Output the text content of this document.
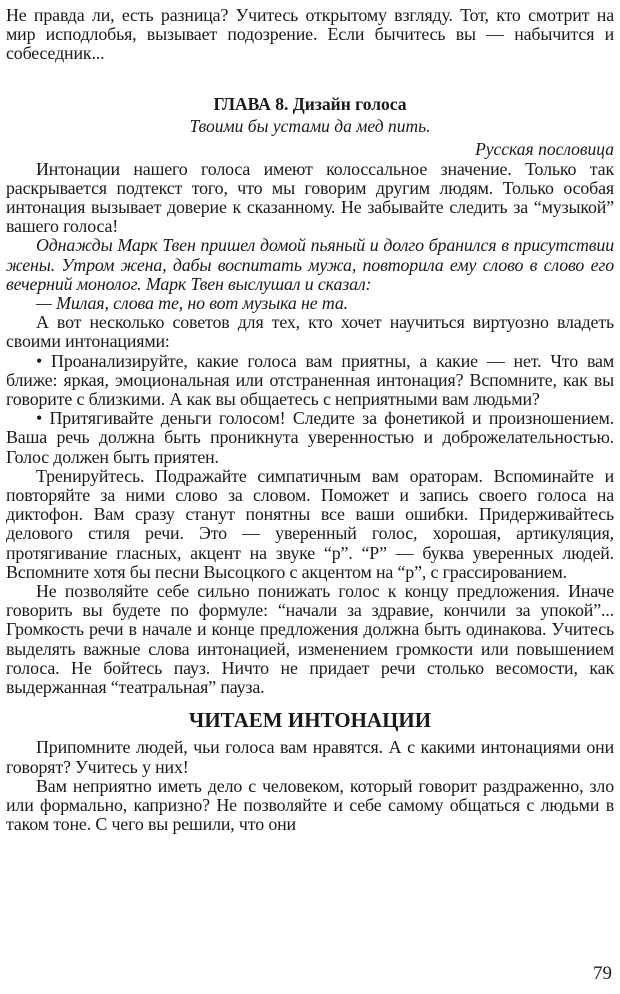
Не правда ли, есть разница? Учитесь открытому взгляду. Тот, кто смотрит на мир исподлобья, вызывает подозрение. Если бычитесь вы — набычится и собеседник...

ГЛАВА 8. Дизайн голоса
Твоими бы устами да мед пить.
Русская пословица

Интонации нашего голоса имеют колоссальное значение. Только так раскрывается подтекст того, что мы говорим другим людям. Только особая интонация вызывает доверие к сказанному. Не забывайте следить за “музыкой” вашего голоса!

Однажды Марк Твен пришел домой пьяный и долго бранился в присутствии жены. Утром жена, дабы воспитать мужа, повторила ему слово в слово его вечерний монолог. Марк Твен выслушал и сказал:

— Милая, слова те, но вот музыка не та.

А вот несколько советов для тех, кто хочет научиться виртуозно владеть своими интонациями:

• Проанализируйте, какие голоса вам приятны, а какие — нет. Что вам ближе: яркая, эмоциональная или отстраненная интонация? Вспомните, как вы говорите с близкими. А как вы общаетесь с неприятными вам людьми?

• Притягивайте деньги голосом! Следите за фонетикой и произношением. Ваша речь должна быть проникнута уверенностью и доброжелательностью. Голос должен быть приятен.

Тренируйтесь. Подражайте симпатичным вам ораторам. Вспоминайте и повторяйте за ними слово за словом. Поможет и запись своего голоса на диктофон. Вам сразу станут понятны все ваши ошибки. Придерживайтесь делового стиля речи. Это — уверенный голос, хорошая, артикуляция, протягивание гласных, акцент на звуке “р”. “Р” — буква уверенных людей. Вспомните хотя бы песни Высоцкого с акцентом на “р”, с грассированием.

Не позволяйте себе сильно понижать голос к концу предложения. Иначе говорить вы будете по формуле: “начали за здравие, кончили за упокой”... Громкость речи в начале и конце предложения должна быть одинакова. Учитесь выделять важные слова интонацией, изменением громкости или повышением голоса. Не бойтесь пауз. Ничто не придает речи столько весомости, как выдержанная “театральная” пауза.

ЧИТАЕМ ИНТОНАЦИИ

Припомните людей, чьи голоса вам нравятся. А с какими интонациями они говорят? Учитесь у них!

Вам неприятно иметь дело с человеком, который говорит раздраженно, зло или формально, капризно? Не позволяйте и себе самому общаться с людьми в таком тоне. С чего вы решили, что они

79
